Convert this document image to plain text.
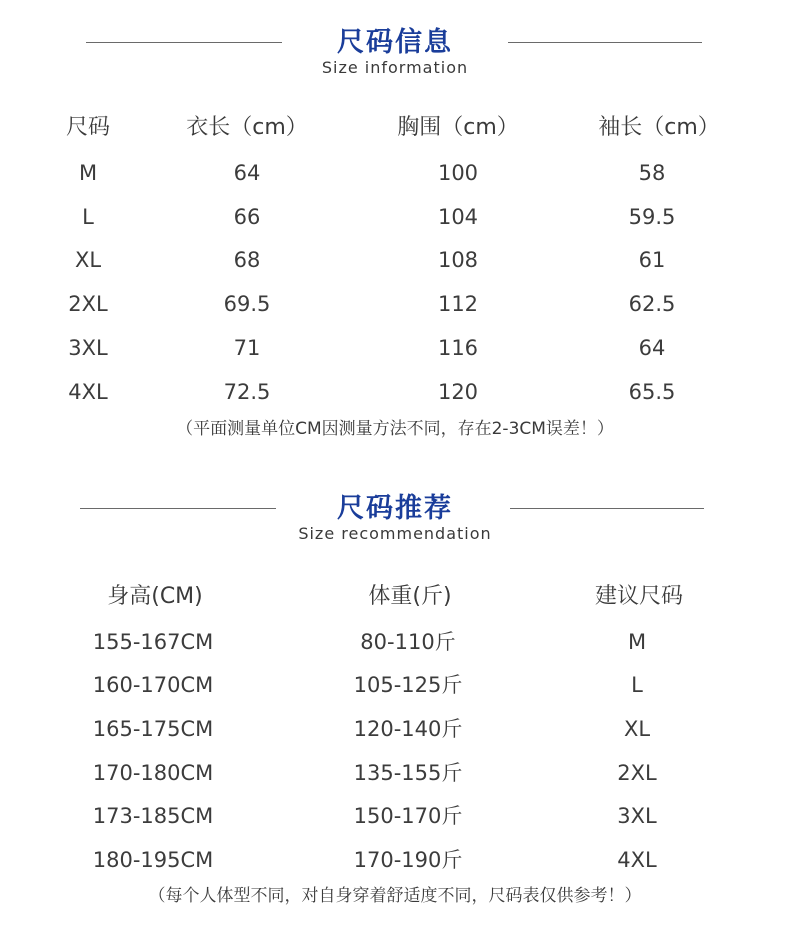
尺码信息
Size information
尺码	衣长（cm）	胸围（cm）	袖长（cm）
M	64	100	58
L	66	104	59.5
XL	68	108	61
2XL	69.5	112	62.5
3XL	71	116	64
4XL	72.5	120	65.5
（平面测量单位CM因测量方法不同，存在2-3CM误差！）
尺码推荐
Size recommendation
身高(CM)	体重(斤)	建议尺码
155-167CM	80-110斤	M
160-170CM	105-125斤	L
165-175CM	120-140斤	XL
170-180CM	135-155斤	2XL
173-185CM	150-170斤	3XL
180-195CM	170-190斤	4XL
（每个人体型不同，对自身穿着舒适度不同，尺码表仅供参考！）
